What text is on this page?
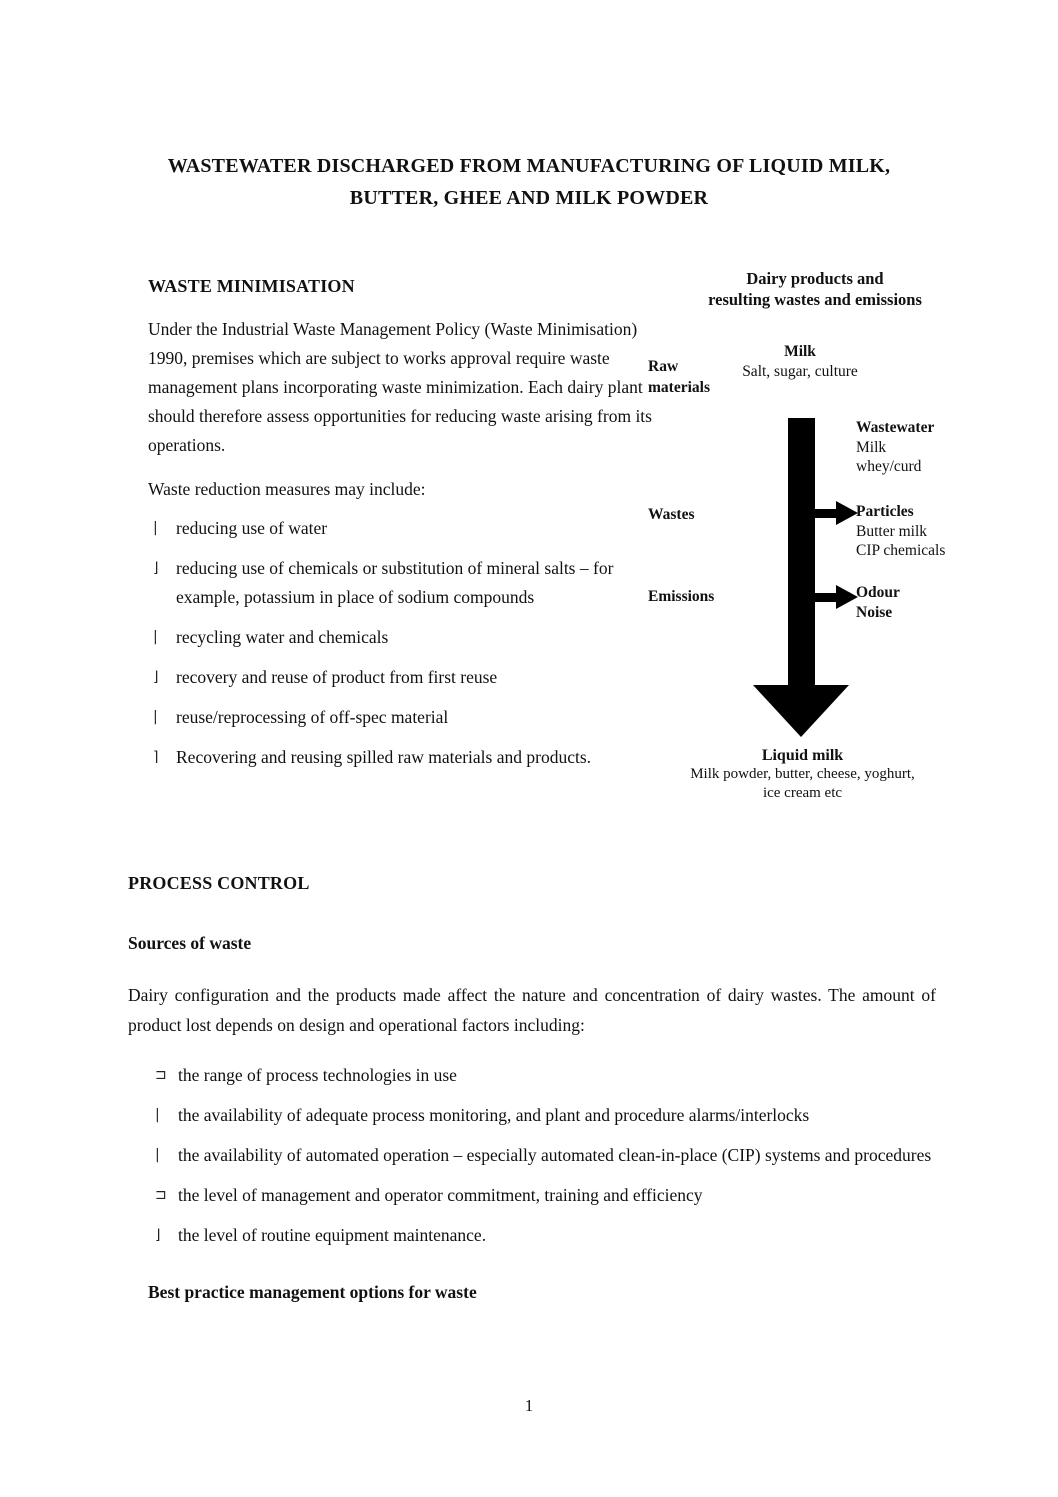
WASTEWATER DISCHARGED FROM MANUFACTURING OF LIQUID MILK,
BUTTER, GHEE AND MILK POWDER
WASTE MINIMISATION

Under the Industrial Waste Management Policy (Waste Minimisation) 1990, premises which are subject to works approval require waste management plans incorporating waste minimization. Each dairy plant should therefore assess opportunities for reducing waste arising from its operations.

Waste reduction measures may include:

|	reducing use of water
⌋	reducing use of chemicals or substitution of mineral salts – for example, potassium in place of sodium compounds
|	recycling water and chemicals
⌋	recovery and reuse of product from first reuse
|	reuse/reprocessing of off-spec material
⌉	Recovering and reusing spilled raw materials and products.
Dairy products and
resulting wastes and emissions
Raw materials
Milk
Salt, sugar, culture
Wastewater
Milk
whey/curd
Wastes	Particles
Butter milk
CIP chemicals
Emissions	Odour
Noise
Liquid milk
Milk powder, butter, cheese, yoghurt, ice cream etc
PROCESS CONTROL
Sources of waste

Dairy configuration and the products made affect the nature and concentration of dairy wastes. The amount of product lost depends on design and operational factors including:

⊐ the range of process technologies in use
|	the availability of adequate process monitoring, and plant and procedure alarms/interlocks
|	the availability of automated operation – especially automated clean-in-place (CIP) systems and procedures
⊐ the level of management and operator commitment, training and efficiency
⌋	the level of routine equipment maintenance.
Best practice management options for waste
1
